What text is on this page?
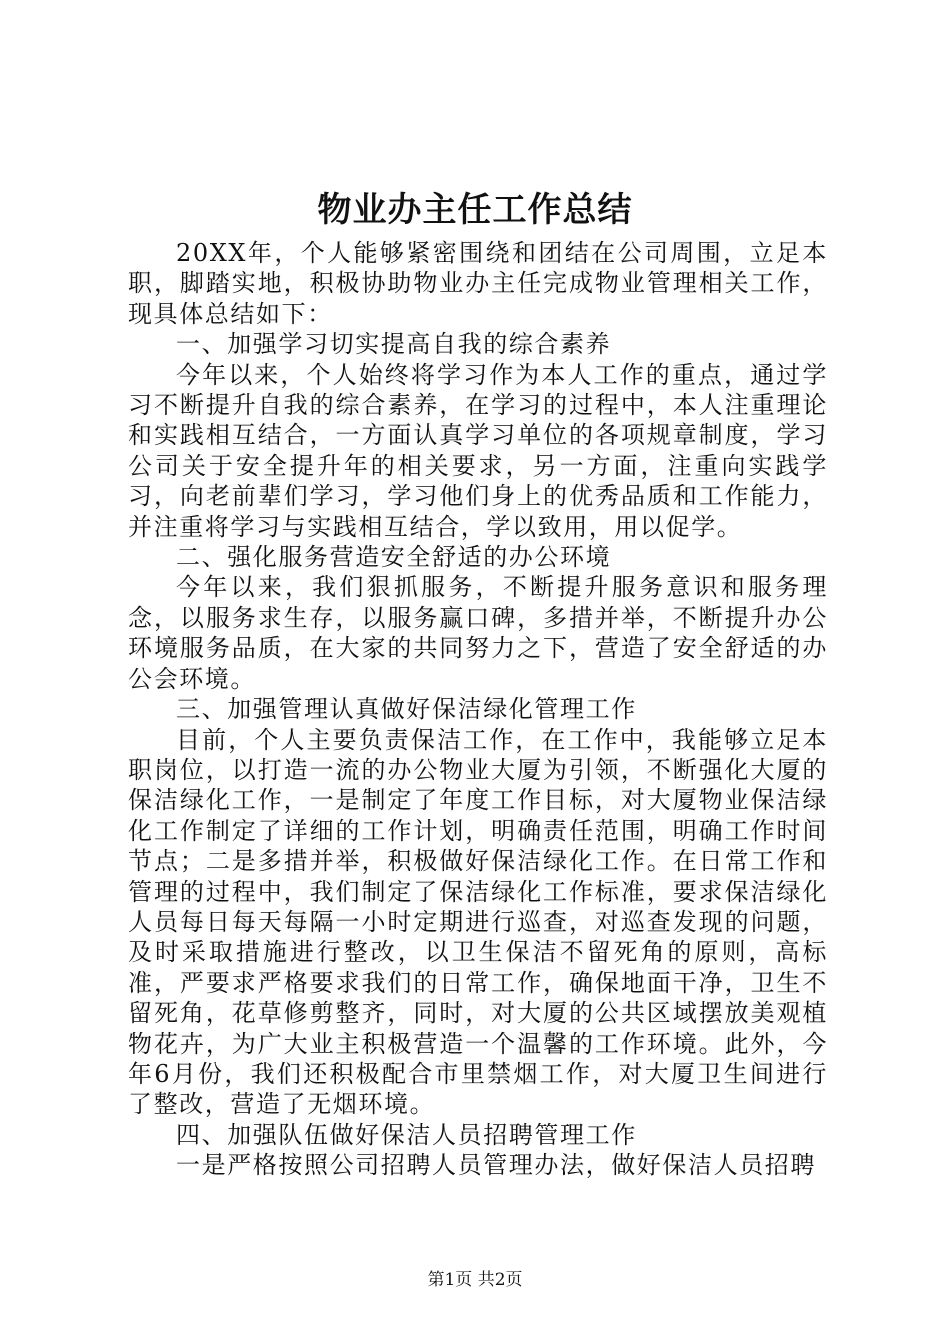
物业办主任工作总结

20XX年，个人能够紧密围绕和团结在公司周围，立足本职，脚踏实地，积极协助物业办主任完成物业管理相关工作，现具体总结如下：

一、加强学习切实提高自我的综合素养

今年以来，个人始终将学习作为本人工作的重点，通过学习不断提升自我的综合素养，在学习的过程中，本人注重理论和实践相互结合，一方面认真学习单位的各项规章制度，学习公司关于安全提升年的相关要求，另一方面，注重向实践学习，向老前辈们学习，学习他们身上的优秀品质和工作能力，并注重将学习与实践相互结合，学以致用，用以促学。

二、强化服务营造安全舒适的办公环境

今年以来，我们狠抓服务，不断提升服务意识和服务理念，以服务求生存，以服务赢口碑，多措并举，不断提升办公环境服务品质，在大家的共同努力之下，营造了安全舒适的办公会环境。

三、加强管理认真做好保洁绿化管理工作

目前，个人主要负责保洁工作，在工作中，我能够立足本职岗位，以打造一流的办公物业大厦为引领，不断强化大厦的保洁绿化工作，一是制定了年度工作目标，对大厦物业保洁绿化工作制定了详细的工作计划，明确责任范围，明确工作时间节点；二是多措并举，积极做好保洁绿化工作。在日常工作和管理的过程中，我们制定了保洁绿化工作标准，要求保洁绿化人员每日每天每隔一小时定期进行巡查，对巡查发现的问题，及时采取措施进行整改，以卫生保洁不留死角的原则，高标准，严要求严格要求我们的日常工作，确保地面干净，卫生不留死角，花草修剪整齐，同时，对大厦的公共区域摆放美观植物花卉，为广大业主积极营造一个温馨的工作环境。此外，今年6月份，我们还积极配合市里禁烟工作，对大厦卫生间进行了整改，营造了无烟环境。

四、加强队伍做好保洁人员招聘管理工作

一是严格按照公司招聘人员管理办法，做好保洁人员招聘

第1页 共2页
